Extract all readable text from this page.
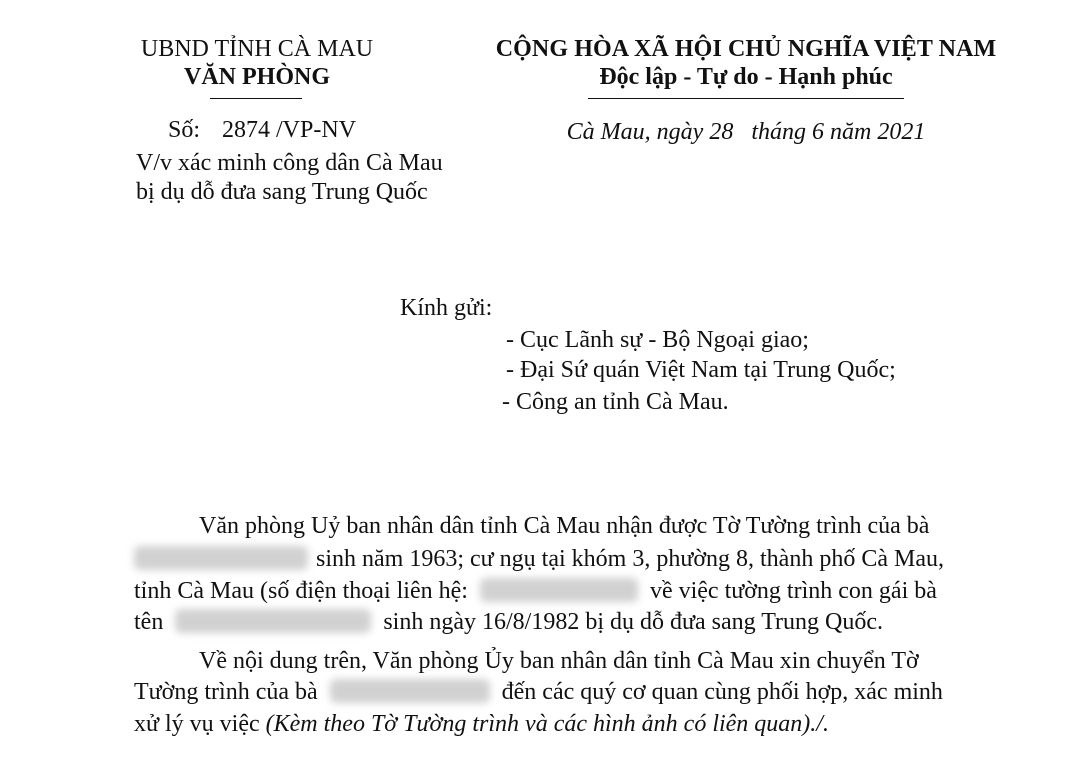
UBND TỈNH CÀ MAU
VĂN PHÒNG
Số: 2874 /VP-NV
V/v xác minh công dân Cà Mau
bị dụ dỗ đưa sang Trung Quốc
CỘNG HÒA XÃ HỘI CHỦ NGHĨA VIỆT NAM
Độc lập - Tự do - Hạnh phúc
Cà Mau, ngày 28   tháng 6 năm 2021
Kính gửi:
- Cục Lãnh sự - Bộ Ngoại giao;
- Đại Sứ quán Việt Nam tại Trung Quốc;
- Công an tỉnh Cà Mau.
Văn phòng Uỷ ban nhân dân tỉnh Cà Mau nhận được Tờ Tường trình của bà
sinh năm 1963; cư ngụ tại khóm 3, phường 8, thành phố Cà Mau,
tỉnh Cà Mau (số điện thoại liên hệ:	về việc tường trình con gái bà
tên	sinh ngày 16/8/1982 bị dụ dỗ đưa sang Trung Quốc.
Về nội dung trên, Văn phòng Ủy ban nhân dân tỉnh Cà Mau xin chuyển Tờ
Tường trình của bà	đến các quý cơ quan cùng phối hợp, xác minh
xử lý vụ việc (Kèm theo Tờ Tường trình và các hình ảnh có liên quan)./.
